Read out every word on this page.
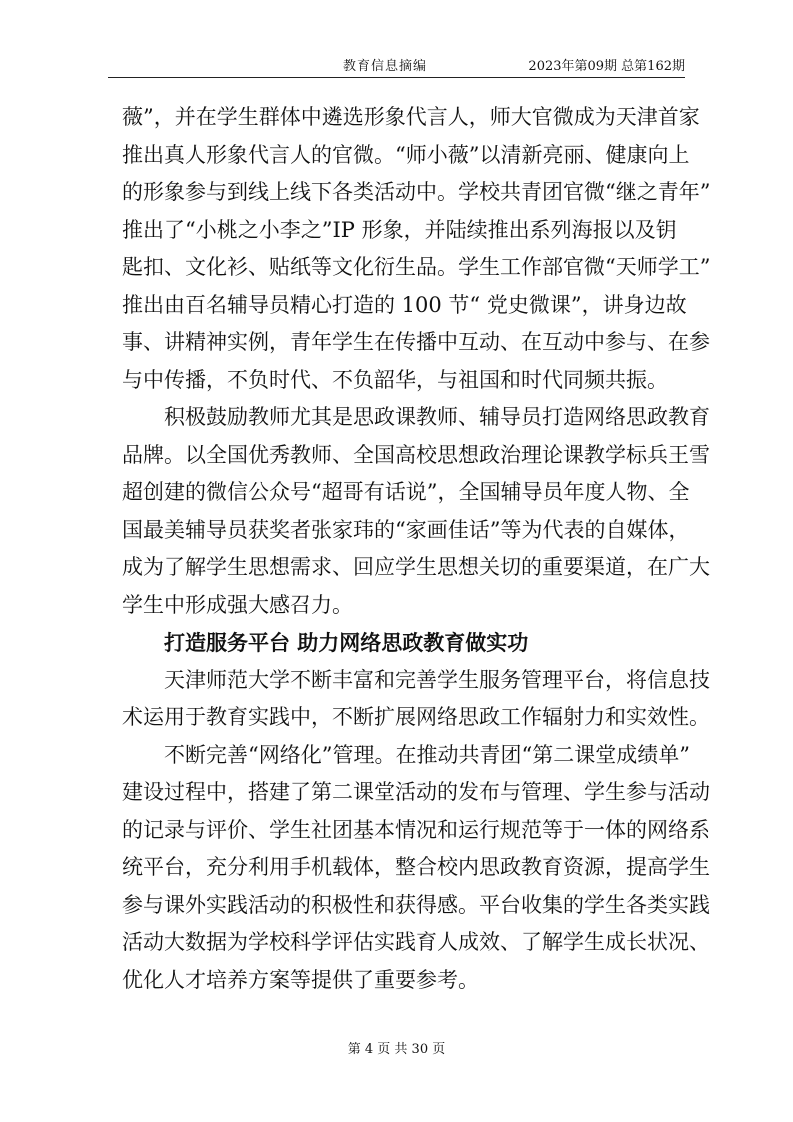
教育信息摘编	2023年第09期 总第162期
薇”，并在学生群体中遴选形象代言人，师大官微成为天津首家
推出真人形象代言人的官微。“师小薇”以清新亮丽、健康向上
的形象参与到线上线下各类活动中。学校共青团官微“继之青年”
推出了“小桃之小李之”IP 形象，并陆续推出系列海报以及钥
匙扣、文化衫、贴纸等文化衍生品。学生工作部官微“天师学工”
推出由百名辅导员精心打造的 100 节“ 党史微课”，讲身边故
事、讲精神实例，青年学生在传播中互动、在互动中参与、在参
与中传播，不负时代、不负韶华，与祖国和时代同频共振。
积极鼓励教师尤其是思政课教师、辅导员打造网络思政教育
品牌。以全国优秀教师、全国高校思想政治理论课教学标兵王雪
超创建的微信公众号“超哥有话说”，全国辅导员年度人物、全
国最美辅导员获奖者张家玮的“家画佳话”等为代表的自媒体，
成为了解学生思想需求、回应学生思想关切的重要渠道，在广大
学生中形成强大感召力。
打造服务平台 助力网络思政教育做实功
天津师范大学不断丰富和完善学生服务管理平台，将信息技
术运用于教育实践中，不断扩展网络思政工作辐射力和实效性。
不断完善“网络化”管理。在推动共青团“第二课堂成绩单”
建设过程中，搭建了第二课堂活动的发布与管理、学生参与活动
的记录与评价、学生社团基本情况和运行规范等于一体的网络系
统平台，充分利用手机载体，整合校内思政教育资源，提高学生
参与课外实践活动的积极性和获得感。平台收集的学生各类实践
活动大数据为学校科学评估实践育人成效、了解学生成长状况、
优化人才培养方案等提供了重要参考。
第 4 页 共 30 页
